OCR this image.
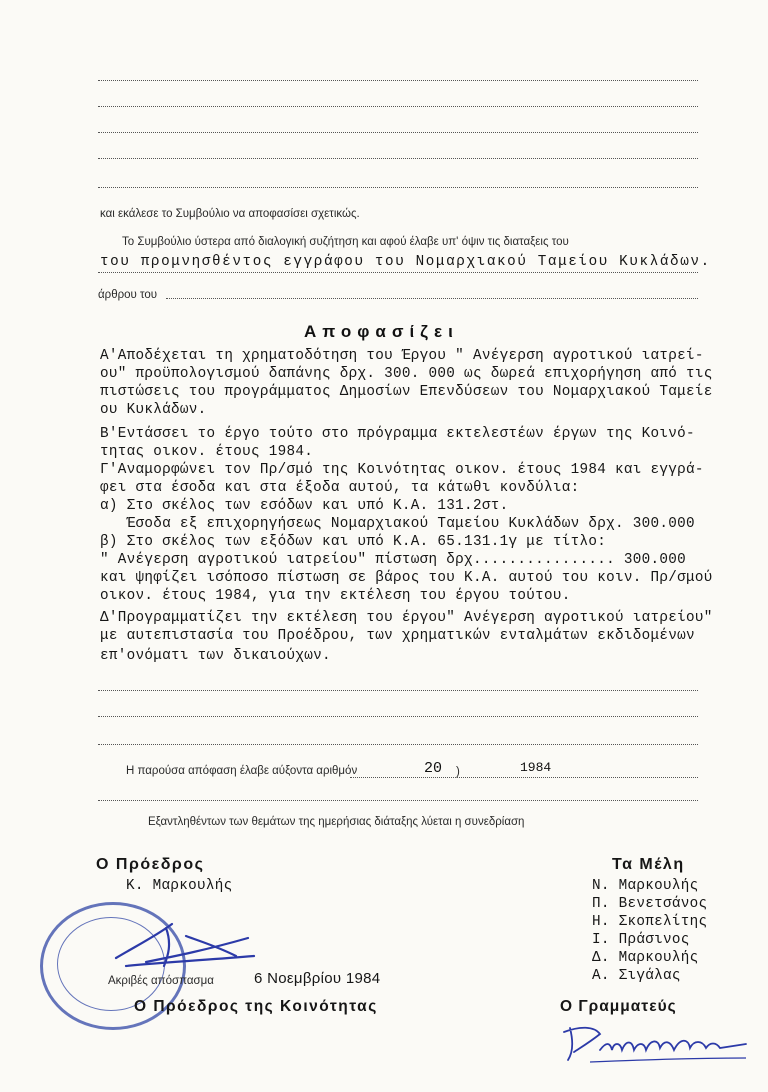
και εκάλεσε το Συμβούλιο να αποφασίσει σχετικώς.
Το Συμβούλιο ύστερα από διαλογική συζήτηση και αφού έλαβε υπ' όψιν τις διαταξεις του
του προμνησθέντος εγγράφου του Νομαρχιακού Ταμείου Κυκλάδων.
άρθρου του
Αποφασίζει
Α'Αποδέχεται τη χρηματοδότηση του Έργου " Ανέγερση αγροτικού ιατρεί-
ου" προϋπολογισμού δαπάνης δρχ. 300. 000 ως δωρεά επιχορήγηση από τις
πιστώσεις του προγράμματος Δημοσίων Επενδύσεων του Νομαρχιακού Ταμείε
ου Κυκλάδων.
Β'Εντάσσει το έργο τούτο στο πρόγραμμα εκτελεστέων έργων της Κοινό-
τητας οικον. έτους 1984.
Γ'Αναμορφώνει τον Πρ/σμό της Κοινότητας οικον. έτους 1984 και εγγρά-
φει στα έσοδα και στα έξοδα αυτού, τα κάτωθι κονδύλια:
α) Στο σκέλος των εσόδων και υπό Κ.Α. 131.2στ.
Έσοδα εξ επιχορηγήσεως Νομαρχιακού Ταμείου Κυκλάδων δρχ. 300.000
β) Στο σκέλος των εξόδων και υπό Κ.Α. 65.131.1γ με τίτλο:
" Ανέγερση αγροτικού ιατρείου" πίστωση δρχ................ 300.000
και ψηφίζει ισόποσο πίστωση σε βάρος του Κ.Α. αυτού του κοιν. Πρ/σμού
οικον. έτους 1984, για την εκτέλεση του έργου τούτου.
Δ'Προγραμματίζει την εκτέλεση του έργου" Ανέγερση αγροτικού ιατρείου"
με αυτεπιστασία του Προέδρου, των χρηματικών ενταλμάτων εκδιδομένων
επ'ονόματι των δικαιούχων.
Η παρούσα απόφαση έλαβε αύξοντα αριθμόν	20 )	1984
Εξαντληθέντων των θεμάτων της ημερήσιας διάταξης λύεται η συνεδρίαση
Ο Πρόεδρος
Κ. Μαρκουλής
Τα Μέλη
Ν. Μαρκουλής
Π. Βενετσάνος
Η. Σκοπελίτης
Ι. Πράσινος
Δ. Μαρκουλής
Α. Σιγάλας
Ακριβές απόσπασμα	6 Νοεμβρίου 1984
Ο Πρόεδρος της Κοινότητας	Ο Γραμματεύς
